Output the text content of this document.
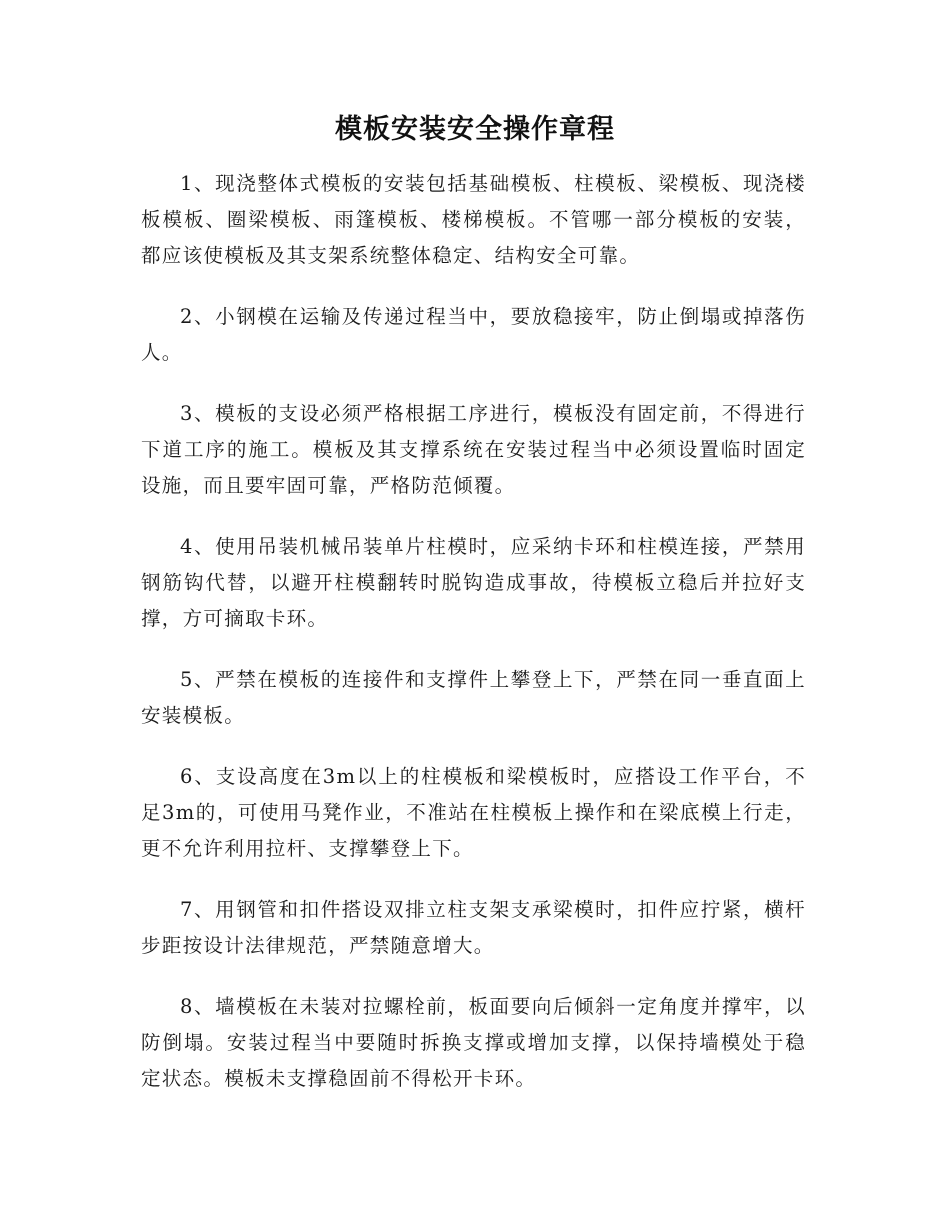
模板安装安全操作章程

1、现浇整体式模板的安装包括基础模板、柱模板、梁模板、现浇楼板模板、圈梁模板、雨篷模板、楼梯模板。不管哪一部分模板的安装，都应该使模板及其支架系统整体稳定、结构安全可靠。

2、小钢模在运输及传递过程当中，要放稳接牢，防止倒塌或掉落伤人。

3、模板的支设必须严格根据工序进行，模板没有固定前，不得进行下道工序的施工。模板及其支撑系统在安装过程当中必须设置临时固定设施，而且要牢固可靠，严格防范倾覆。

4、使用吊装机械吊装单片柱模时，应采纳卡环和柱模连接，严禁用钢筋钩代替，以避开柱模翻转时脱钩造成事故，待模板立稳后并拉好支撑，方可摘取卡环。

5、严禁在模板的连接件和支撑件上攀登上下，严禁在同一垂直面上安装模板。

6、支设高度在3m以上的柱模板和梁模板时，应搭设工作平台，不足3m的，可使用马凳作业，不准站在柱模板上操作和在梁底模上行走，更不允许利用拉杆、支撑攀登上下。

7、用钢管和扣件搭设双排立柱支架支承梁模时，扣件应拧紧，横杆步距按设计法律规范，严禁随意增大。

8、墙模板在未装对拉螺栓前，板面要向后倾斜一定角度并撑牢，以防倒塌。安装过程当中要随时拆换支撑或增加支撑，以保持墙模处于稳定状态。模板未支撑稳固前不得松开卡环。
